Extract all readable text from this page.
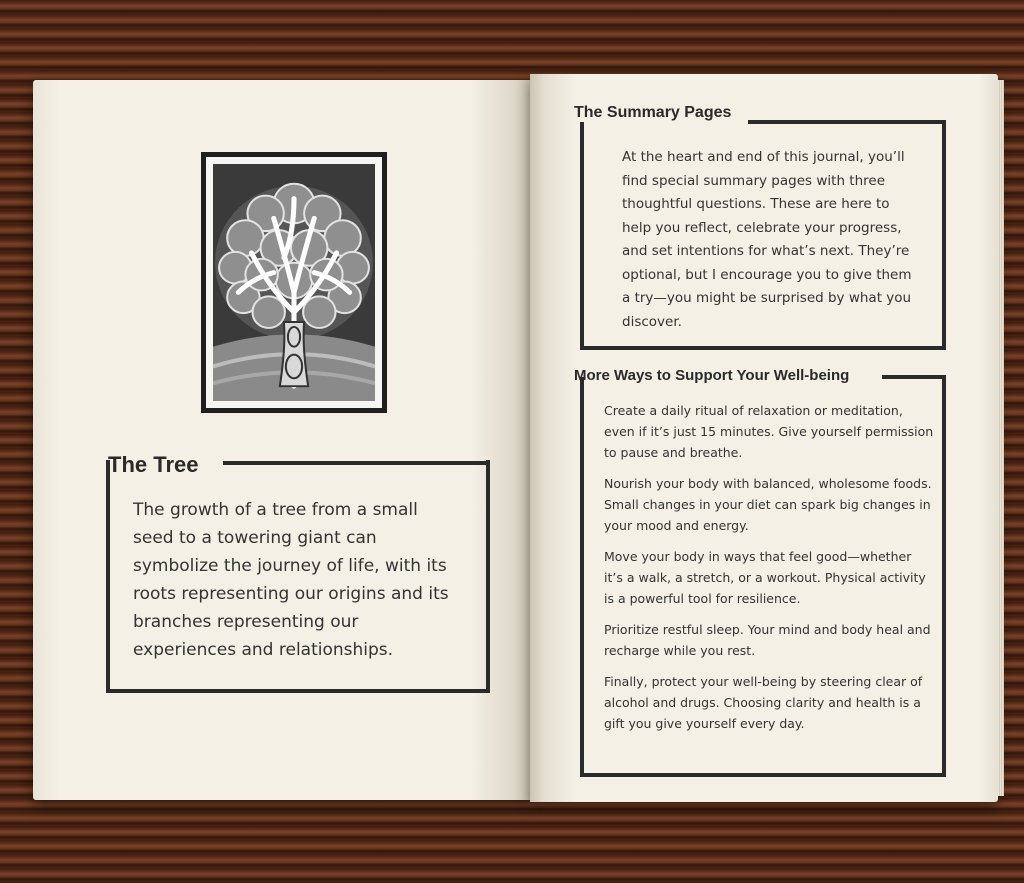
The Tree
The growth of a tree from a small seed to a towering giant can symbolize the journey of life, with its roots representing our origins and its branches representing our experiences and relationships.
The Summary Pages
At the heart and end of this journal, you’ll find special summary pages with three thoughtful questions. These are here to help you reflect, celebrate your progress, and set intentions for what’s next. They’re optional, but I encourage you to give them a try—you might be surprised by what you discover.
More Ways to Support Your Well-being

Create a daily ritual of relaxation or meditation, even if it’s just 15 minutes. Give yourself permission to pause and breathe.

Nourish your body with balanced, wholesome foods. Small changes in your diet can spark big changes in your mood and energy.

Move your body in ways that feel good—whether it’s a walk, a stretch, or a workout. Physical activity is a powerful tool for resilience.

Prioritize restful sleep. Your mind and body heal and recharge while you rest.

Finally, protect your well-being by steering clear of alcohol and drugs. Choosing clarity and health is a gift you give yourself every day.
